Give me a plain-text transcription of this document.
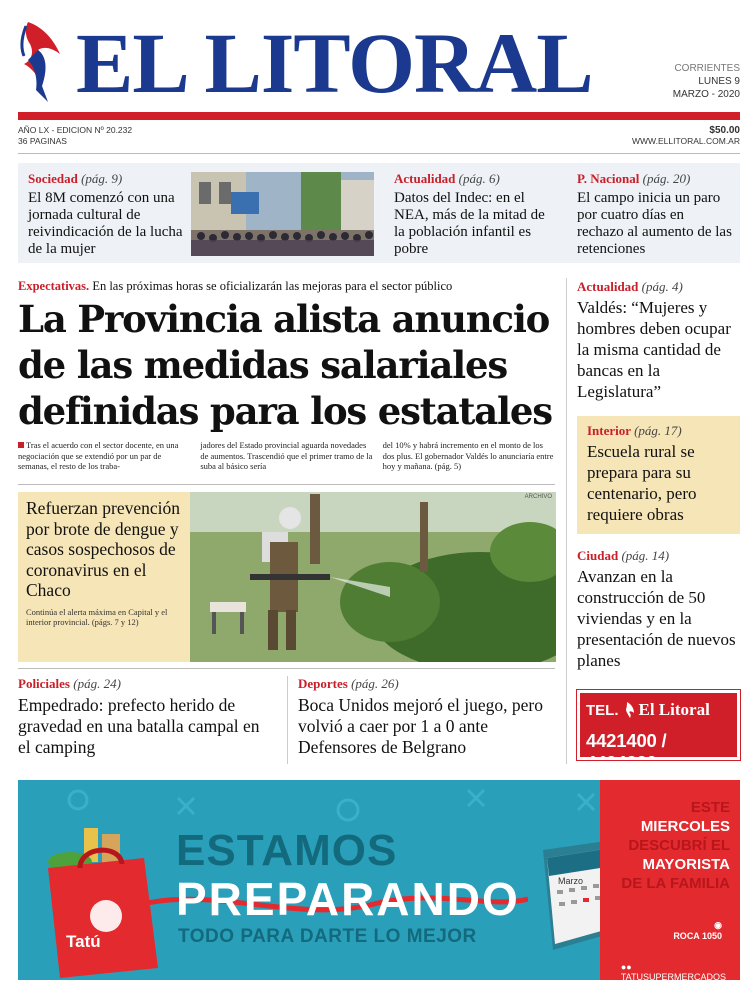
EL LITORAL	CORRIENTES
LUNES 9
MARZO - 2020
AÑO LX - EDICION Nº 20.232
36 PAGINAS
$50.00
WWW.ELLITORAL.COM.AR
Sociedad (pág. 9)
El 8M comenzó con una jornada cultural de reivindicación de la lucha de la mujer
Actualidad (pág. 6)
Datos del Indec: en el NEA, más de la mitad de la población infantil es pobre
P. Nacional (pág. 20)
El campo inicia un paro por cuatro días en rechazo al aumento de las retenciones
Expectativas. En las próximas horas se oficializarán las mejoras para el sector público
La Provincia alista anuncio de las medidas salariales definidas para los estatales
Tras el acuerdo con el sector docente, en una negociación que se extendió por un par de semanas, el resto de los traba-
jadores del Estado provincial aguarda novedades de aumentos. Trascendió que el primer tramo de la suba al básico sería
del 10% y habrá incremento en el monto de los dos plus. El gobernador Valdés lo anunciaría entre hoy y mañana. (pág. 5)
Refuerzan prevención por brote de dengue y casos sospechosos de coronavirus en el Chaco
Continúa el alerta máxima en Capital y el interior provincial. (págs. 7 y 12)
ARCHIVO
Policiales (pág. 24)
Empedrado: prefecto herido de gravedad en una batalla campal en el camping
Deportes (pág. 26)
Boca Unidos mejoró el juego, pero volvió a caer por 1 a 0 ante Defensores de Belgrano
Actualidad (pág. 4)
Valdés: “Mujeres y hombres deben ocupar la misma cantidad de bancas en la Legislatura”
Interior (pág. 17)
Escuela rural se prepara para su centenario, pero requiere obras
Ciudad (pág. 14)
Avanzan en la construcción de 50 viviendas y en la presentación de nuevos planes
TEL. El Litoral
4421400 / 4424300
ESTAMOS
PREPARANDO
TODO PARA DARTE LO MEJOR
Tatú
Marzo
ESTE
MIERCOLES
DESCUBRÍ EL
MAYORISTA
DE LA FAMILIA
◉
ROCA 1050
●●
TATUSUPERMERCADOS
